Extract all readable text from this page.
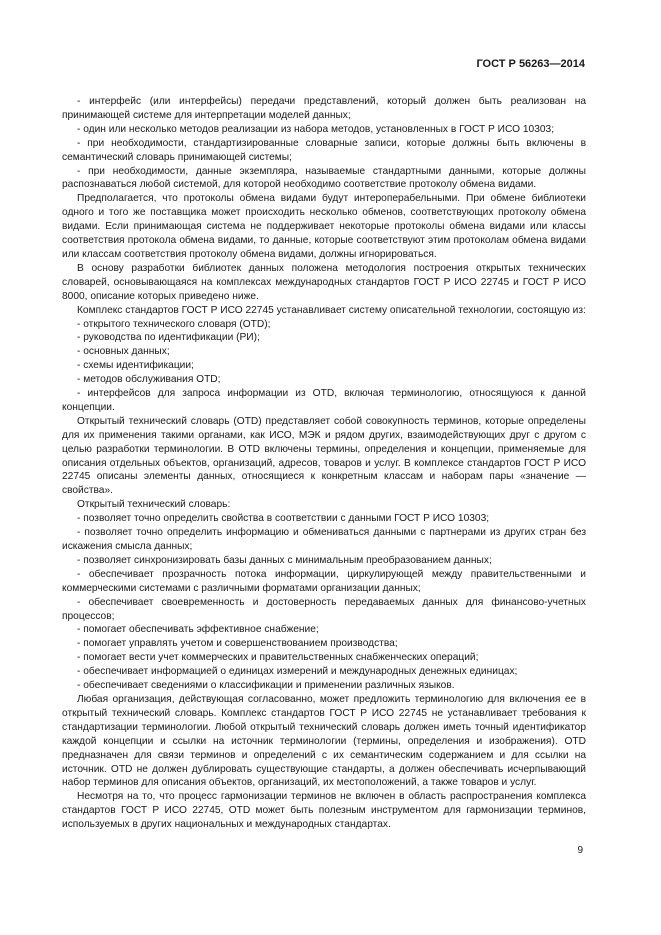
ГОСТ Р 56263—2014

- интерфейс (или интерфейсы) передачи представлений, который должен быть реализован на принимающей системе для интерпретации моделей данных;

- один или несколько методов реализации из набора методов, установленных в ГОСТ Р ИСО 10303;

- при необходимости, стандартизированные словарные записи, которые должны быть включены в семантический словарь принимающей системы;

- при необходимости, данные экземпляра, называемые стандартными данными, которые должны распознаваться любой системой, для которой необходимо соответствие протоколу обмена видами.

Предполагается, что протоколы обмена видами будут интероперабельными. При обмене библиотеки одного и того же поставщика может происходить несколько обменов, соответствующих протоколу обмена видами. Если принимающая система не поддерживает некоторые протоколы обмена видами или классы соответствия протокола обмена видами, то данные, которые соответствуют этим протоколам обмена видами или классам соответствия протоколу обмена видами, должны игнорироваться.

В основу разработки библиотек данных положена методология построения открытых технических словарей, основывающаяся на комплексах международных стандартов ГОСТ Р ИСО 22745 и ГОСТ Р ИСО 8000, описание которых приведено ниже.

Комплекс стандартов ГОСТ Р ИСО 22745 устанавливает систему описательной технологии, состоящую из:

- открытого технического словаря (OTD);

- руководства по идентификации (РИ);

- основных данных;

- схемы идентификации;

- методов обслуживания OTD;

- интерфейсов для запроса информации из OTD, включая терминологию, относящуюся к данной концепции.

Открытый технический словарь (OTD) представляет собой совокупность терминов, которые определены для их применения такими органами, как ИСО, МЭК и рядом других, взаимодействующих друг с другом с целью разработки терминологии. В OTD включены термины, определения и концепции, применяемые для описания отдельных объектов, организаций, адресов, товаров и услуг. В комплексе стандартов ГОСТ Р ИСО 22745 описаны элементы данных, относящиеся к конкретным классам и наборам пары «значение — свойства».

Открытый технический словарь:

- позволяет точно определить свойства в соответствии с данными ГОСТ Р ИСО 10303;

- позволяет точно определить информацию и обмениваться данными с партнерами из других стран без искажения смысла данных;

- позволяет синхронизировать базы данных с минимальным преобразованием данных;

- обеспечивает прозрачность потока информации, циркулирующей между правительственными и коммерческими системами с различными форматами организации данных;

- обеспечивает своевременность и достоверность передаваемых данных для финансово-учетных процессов;

- помогает обеспечивать эффективное снабжение;

- помогает управлять учетом и совершенствованием производства;

- помогает вести учет коммерческих и правительственных снабженческих операций;

- обеспечивает информацией о единицах измерений и международных денежных единицах;

- обеспечивает сведениями о классификации и применении различных языков.

Любая организация, действующая согласованно, может предложить терминологию для включения ее в открытый технический словарь. Комплекс стандартов ГОСТ Р ИСО 22745 не устанавливает требования к стандартизации терминологии. Любой открытый технический словарь должен иметь точный идентификатор каждой концепции и ссылки на источник терминологии (термины, определения и изображения). OTD предназначен для связи терминов и определений с их семантическим содержанием и для ссылки на источник. OTD не должен дублировать существующие стандарты, а должен обеспечивать исчерпывающий набор терминов для описания объектов, организаций, их местоположений, а также товаров и услуг.

Несмотря на то, что процесс гармонизации терминов не включен в область распространения комплекса стандартов ГОСТ Р ИСО 22745, OTD может быть полезным инструментом для гармонизации терминов, используемых в других национальных и международных стандартах.

9
